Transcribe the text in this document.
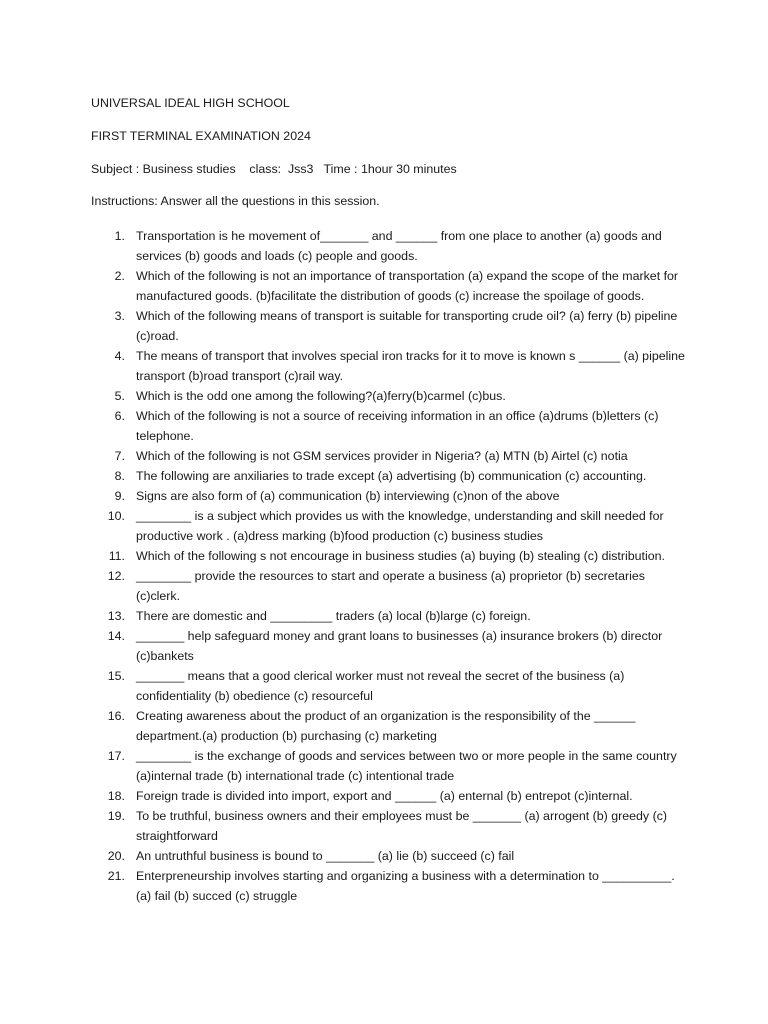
UNIVERSAL IDEAL HIGH SCHOOL
FIRST TERMINAL EXAMINATION 2024
Subject : Business studies    class:  Jss3   Time : 1hour 30 minutes
Instructions: Answer all the questions in this session.
1. Transportation is he movement of_______ and ______ from one place to another (a) goods and services (b) goods and loads (c) people and goods.
2. Which of the following is not an importance of transportation (a) expand the scope of the market for manufactured goods. (b)facilitate the distribution of goods (c) increase the spoilage of goods.
3. Which of the following means of transport is suitable for transporting crude oil? (a) ferry (b) pipeline (c)road.
4. The means of transport that involves special iron tracks for it to move is known s ______ (a) pipeline transport (b)road transport (c)rail way.
5. Which is the odd one among the following?(a)ferry(b)carmel (c)bus.
6. Which of the following is not a source of receiving information in an office (a)drums (b)letters (c) telephone.
7. Which of the following is not GSM services provider in Nigeria? (a) MTN (b) Airtel (c) notia
8. The following are anxiliaries to trade except (a) advertising (b) communication (c) accounting.
9. Signs are also form of (a) communication (b) interviewing (c)non of the above
10. ________ is a subject which provides us with the knowledge, understanding and skill needed for productive work . (a)dress marking (b)food production (c) business studies
11. Which of the following s not encourage in business studies (a) buying (b) stealing (c) distribution.
12. ________ provide the resources to start and operate a business (a) proprietor (b) secretaries (c)clerk.
13. There are domestic and _________ traders (a) local (b)large (c) foreign.
14. _______ help safeguard money and grant loans to businesses (a) insurance brokers (b) director (c)bankets
15. _______ means that a good clerical worker must not reveal the secret of the business (a) confidentiality (b) obedience (c) resourceful
16. Creating awareness about the product of an organization is the responsibility of the ______ department.(a) production (b) purchasing (c) marketing
17. ________ is the exchange of goods and services between two or more people in the same country (a)internal trade (b) international trade (c) intentional trade
18. Foreign trade is divided into import, export and ______ (a) enternal (b) entrepot (c)internal.
19. To be truthful, business owners and their employees must be _______ (a) arrogent (b) greedy (c) straightforward
20. An untruthful business is bound to _______ (a) lie (b) succeed (c) fail
21. Enterpreneurship involves starting and organizing a business with a determination to __________. (a) fail (b) succed (c) struggle
